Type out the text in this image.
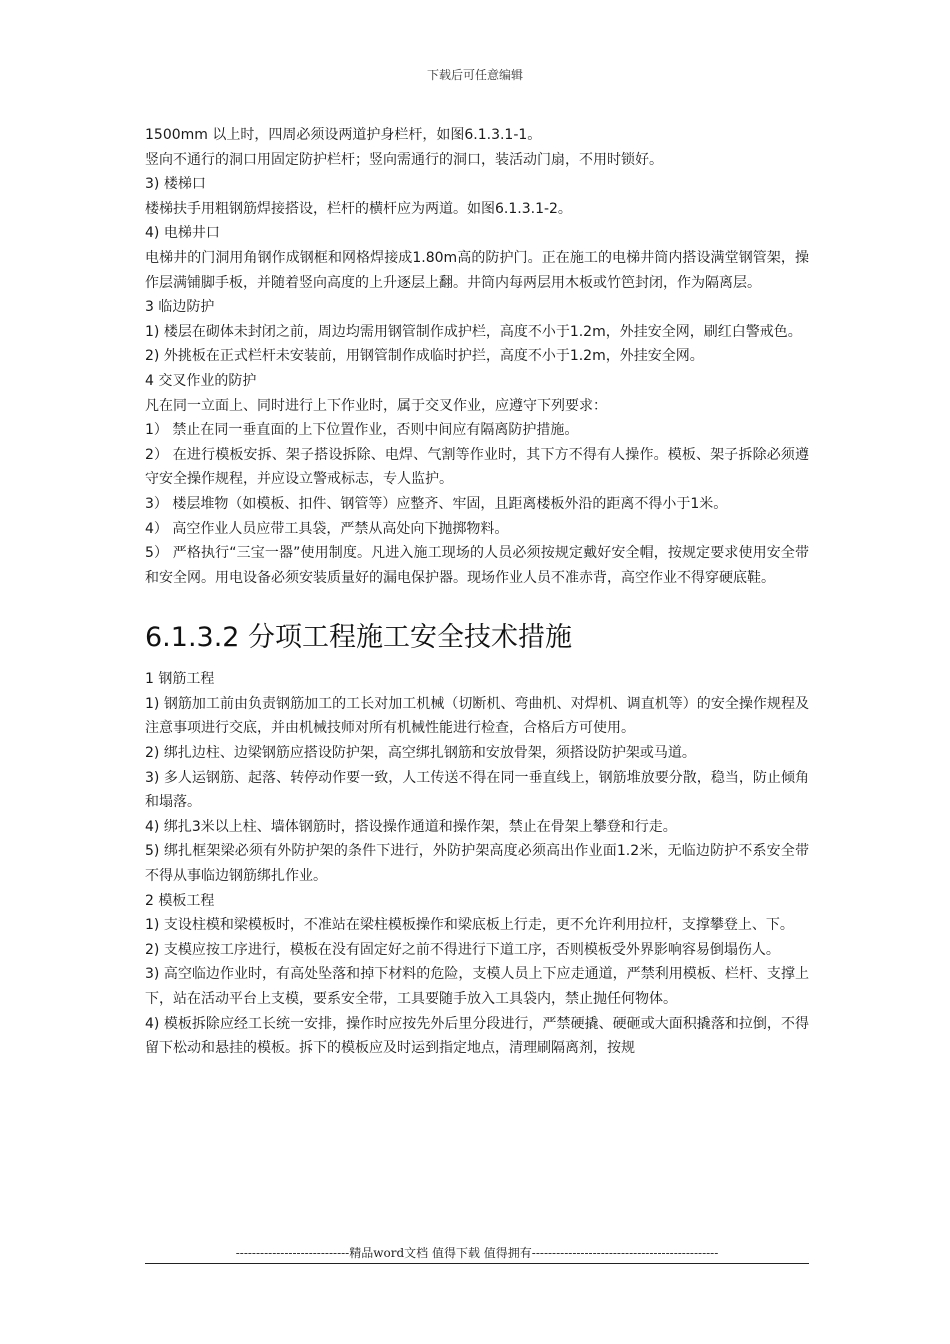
下载后可任意编辑

1500mm 以上时，四周必须设两道护身栏杆，如图6.1.3.1-1。

竖向不通行的洞口用固定防护栏杆；竖向需通行的洞口，装活动门扇，不用时锁好。

3) 楼梯口

楼梯扶手用粗钢筋焊接搭设，栏杆的横杆应为两道。如图6.1.3.1-2。

4) 电梯井口

电梯井的门洞用角钢作成钢框和网格焊接成1.80m高的防护门。正在施工的电梯井筒内搭设满堂钢管架，操作层满铺脚手板，并随着竖向高度的上升逐层上翻。井筒内每两层用木板或竹笆封闭，作为隔离层。

3 临边防护

1) 楼层在砌体未封闭之前，周边均需用钢管制作成护栏，高度不小于1.2m，外挂安全网，刷红白警戒色。

2) 外挑板在正式栏杆未安装前，用钢管制作成临时护拦，高度不小于1.2m，外挂安全网。

4 交叉作业的防护

凡在同一立面上、同时进行上下作业时，属于交叉作业，应遵守下列要求：

1） 禁止在同一垂直面的上下位置作业，否则中间应有隔离防护措施。

2） 在进行模板安拆、架子搭设拆除、电焊、气割等作业时，其下方不得有人操作。模板、架子拆除必须遵守安全操作规程，并应设立警戒标志，专人监护。

3） 楼层堆物（如模板、扣件、钢管等）应整齐、牢固，且距离楼板外沿的距离不得小于1米。

4） 高空作业人员应带工具袋，严禁从高处向下抛掷物料。

5） 严格执行“三宝一器”使用制度。凡进入施工现场的人员必须按规定戴好安全帽，按规定要求使用安全带和安全网。用电设备必须安装质量好的漏电保护器。现场作业人员不准赤背，高空作业不得穿硬底鞋。

6.1.3.2 分项工程施工安全技术措施

1 钢筋工程

1) 钢筋加工前由负责钢筋加工的工长对加工机械（切断机、弯曲机、对焊机、调直机等）的安全操作规程及注意事项进行交底，并由机械技师对所有机械性能进行检查，合格后方可使用。

2) 绑扎边柱、边梁钢筋应搭设防护架，高空绑扎钢筋和安放骨架，须搭设防护架或马道。

3) 多人运钢筋、起落、转停动作要一致，人工传送不得在同一垂直线上，钢筋堆放要分散，稳当，防止倾角和塌落。

4) 绑扎3米以上柱、墙体钢筋时，搭设操作通道和操作架，禁止在骨架上攀登和行走。

5) 绑扎框架梁必须有外防护架的条件下进行，外防护架高度必须高出作业面1.2米，无临边防护不系安全带不得从事临边钢筋绑扎作业。

2 模板工程

1) 支设柱模和梁模板时，不准站在梁柱模板操作和梁底板上行走，更不允许利用拉杆，支撑攀登上、下。

2) 支模应按工序进行，模板在没有固定好之前不得进行下道工序，否则模板受外界影响容易倒塌伤人。

3) 高空临边作业时，有高处坠落和掉下材料的危险，支模人员上下应走通道，严禁利用模板、栏杆、支撑上下，站在活动平台上支模，要系安全带，工具要随手放入工具袋内，禁止抛任何物体。

4) 模板拆除应经工长统一安排，操作时应按先外后里分段进行，严禁硬撬、硬砸或大面积撬落和拉倒，不得留下松动和悬挂的模板。拆下的模板应及时运到指定地点，清理刷隔离剂，按规

----------------------------精品word文档 值得下载 值得拥有----------------------------------------------
